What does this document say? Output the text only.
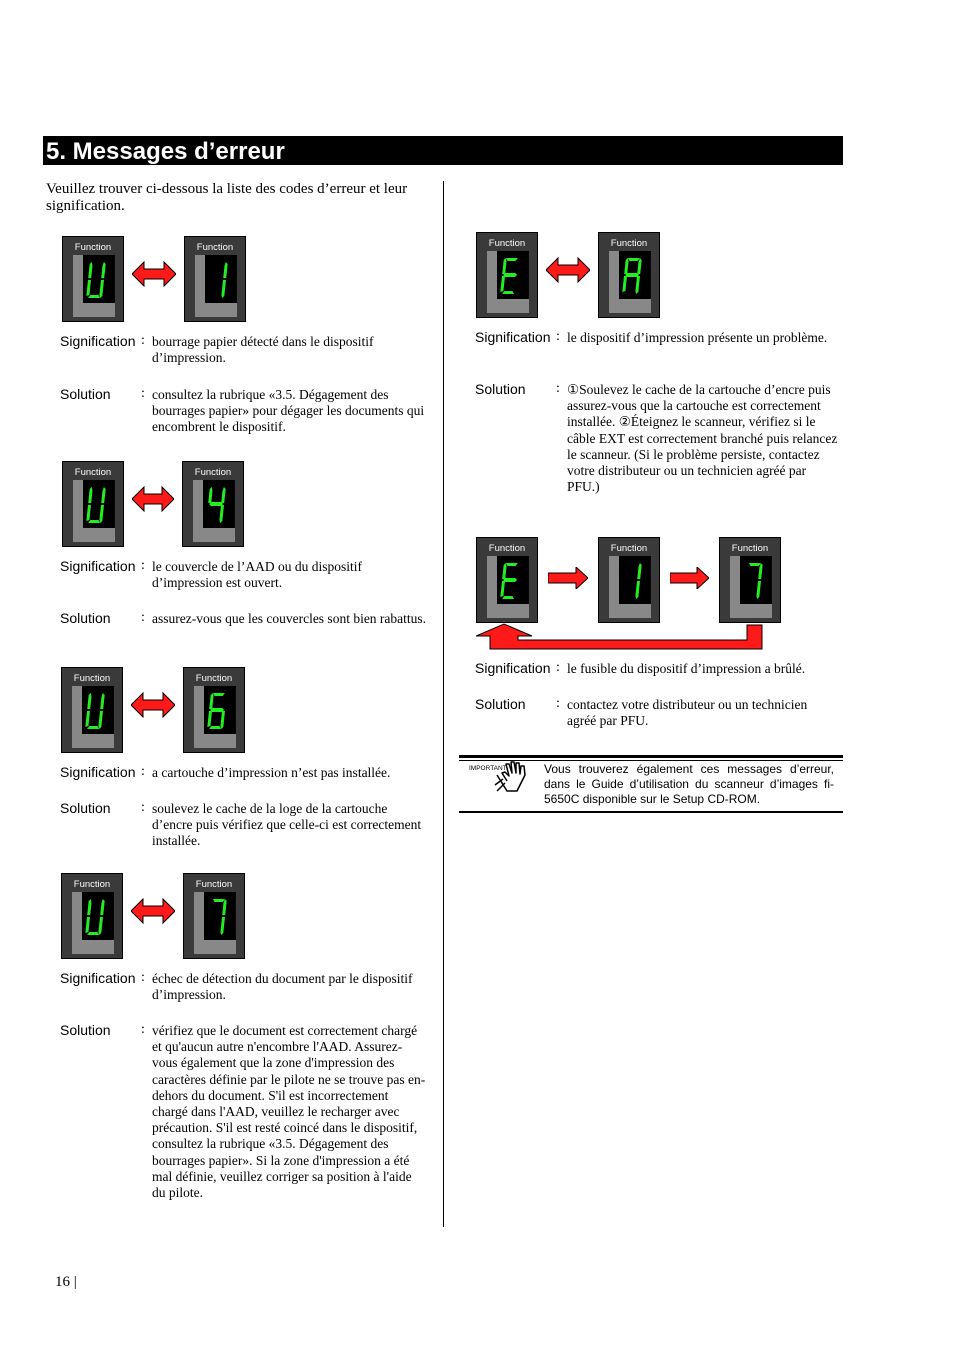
5. Messages d’erreur
Veuillez trouver ci-dessous la liste des codes d’erreur et leur signification.
Function	Function
Signification : bourrage papier détecté dans le dispositif d’impression.
Solution : consultez la rubrique «3.5. Dégagement des bourrages papier» pour dégager les documents qui encombrent le dispositif.
Function	Function
Signification : le couvercle de l’AAD ou du dispositif d’impression est ouvert.
Solution : assurez-vous que les couvercles sont bien rabattus.
Function	Function
Signification : a cartouche d’impression n’est pas installée.
Solution : soulevez le cache de la loge de la cartouche d’encre puis vérifiez que celle-ci est correctement installée.
Function	Function
Signification : échec de détection du document par le dispositif d’impression.
Solution : vérifiez que le document est correctement chargé et qu'aucun autre n'encombre l'AAD. Assurez-vous également que la zone d'impression des caractères définie par le pilote ne se trouve pas en-dehors du document. S'il est incorrectement chargé dans l'AAD, veuillez le recharger avec précaution. S'il est resté coincé dans le dispositif, consultez la rubrique «3.5. Dégagement des bourrages papier». Si la zone d'impression a été mal définie, veuillez corriger sa position à l'aide du pilote.
Function	Function
Signification : le dispositif d’impression présente un problème.
Solution : ①Soulevez le cache de la cartouche d’encre puis assurez-vous que la cartouche est correctement installée. ②Éteignez le scanneur, vérifiez si le câble EXT est correctement branché puis relancez le scanneur. (Si le problème persiste, contactez votre distributeur ou un technicien agréé par PFU.)
Function	Function	Function
Signification : le fusible du dispositif d’impression a brûlé.
Solution : contactez votre distributeur ou un technicien agréé par PFU.
IMPORTANT	Vous trouverez également ces messages d’erreur, dans le Guide d’utilisation du scanneur d’images fi-5650C disponible sur le Setup CD-ROM.
16 |
